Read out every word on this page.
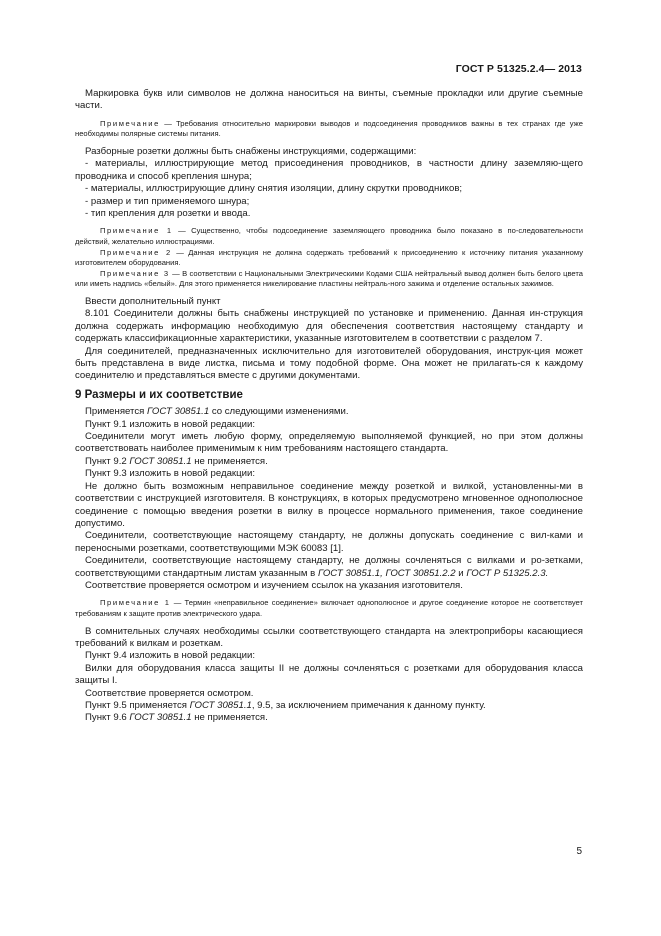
ГОСТ Р 51325.2.4— 2013

Маркировка букв или символов не должна наноситься на винты, съемные прокладки или другие съемные части.

Примечание — Требования относительно маркировки выводов и подсоединения проводников важны в тех странах где уже необходимы полярные системы питания.

Разборные розетки должны быть снабжены инструкциями, содержащими:

- материалы, иллюстрирующие метод присоединения проводников, в частности длину заземляю-щего проводника и способ крепления шнура;

- материалы, иллюстрирующие длину снятия изоляции, длину скрутки проводников;

- размер и тип применяемого шнура;

- тип крепления для розетки и ввода.

Примечание 1 — Существенно, чтобы подсоединение заземляющего проводника было показано в по-следовательности действий, желательно иллюстрациями.

Примечание 2 — Данная инструкция не должна содержать требований к присоединению к источнику питания указанному изготовителем оборудования.

Примечание 3 — В соответствии с Национальными Электрическими Кодами США нейтральный вывод должен быть белого цвета или иметь надпись «белый». Для этого применяется никелирование пластины нейтраль-ного зажима и отделение остальных зажимов.

Ввести дополнительный пункт

8.101 Соединители должны быть снабжены инструкцией по установке и применению. Данная ин-струкция должна содержать информацию необходимую для обеспечения соответствия настоящему стандарту и содержать классификационные характеристики, указанные изготовителем в соответствии с разделом 7.

Для соединителей, предназначенных исключительно для изготовителей оборудования, инструк-ция может быть представлена в виде листка, письма и тому подобной форме. Она может не прилагать-ся к каждому соединителю и представляться вместе с другими документами.

9 Размеры и их соответствие

Применяется ГОСТ 30851.1 со следующими изменениями.

Пункт 9.1 изложить в новой редакции:

Соединители могут иметь любую форму, определяемую выполняемой функцией, но при этом должны соответствовать наиболее применимым к ним требованиям настоящего стандарта.

Пункт 9.2 ГОСТ 30851.1 не применяется.

Пункт 9.3 изложить в новой редакции:

Не должно быть возможным неправильное соединение между розеткой и вилкой, установленны-ми в соответствии с инструкцией изготовителя. В конструкциях, в которых предусмотрено мгновенное однополюсное соединение с помощью введения розетки в вилку в процессе нормального применения, такое соединение допустимо.

Соединители, соответствующие настоящему стандарту, не должны допускать соединение с вил-ками и переносными розетками, соответствующими МЭК 60083 [1].

Соединители, соответствующие настоящему стандарту, не должны сочленяться с вилками и ро-зетками, соответствующими стандартным листам указанным в ГОСТ 30851.1, ГОСТ 30851.2.2 и ГОСТ Р 51325.2.3.

Соответствие проверяется осмотром и изучением ссылок на указания изготовителя.

Примечание 1 — Термин «неправильное соединение» включает однополюсное и другое соединение которое не соответствует требованиям к защите против электрического удара.

В сомнительных случаях необходимы ссылки соответствующего стандарта на электроприборы касающиеся требований к вилкам и розеткам.

Пункт 9.4 изложить в новой редакции:

Вилки для оборудования класса защиты II не должны сочленяться с розетками для оборудования класса защиты I.

Соответствие проверяется осмотром.

Пункт 9.5 применяется ГОСТ 30851.1, 9.5, за исключением примечания к данному пункту.

Пункт 9.6 ГОСТ 30851.1 не применяется.

5
